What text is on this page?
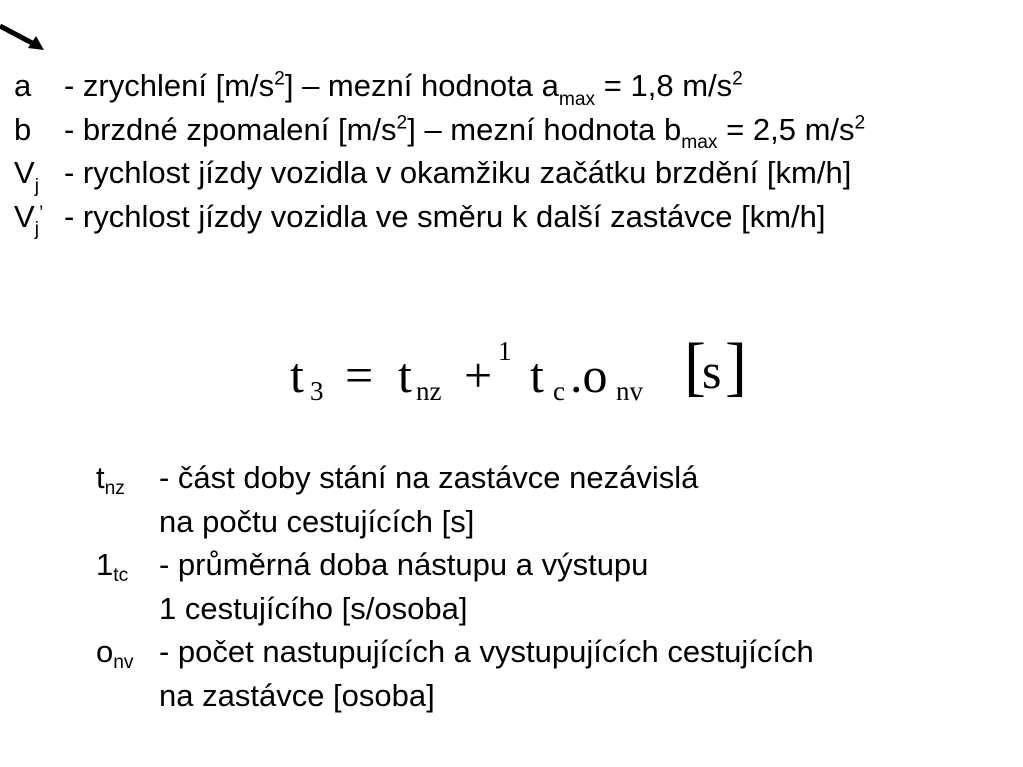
a - zrychlení $[m/s^2]$ – mezní hodnota $a_{max} = 1,8$ $m/s^2$
b - brzdné zpomalení $[m/s^2]$ – mezní hodnota $b_{max} = 2,5$ $m/s^2$
$V_j$ - rychlost jízdy vozidla v okamžiku začátku brzdění [km/h]
$V_j^’$ - rychlost jízdy vozidla ve směru k další zastávce [km/h]
t 3 = t nz + 1 t c .o nv [
s ]
tnz - část doby stání na zastávce nezávislá
na počtu cestujících [s]
1tc - průměrná doba nástupu a výstupu
1 cestujícího [s/osoba]
onv - počet nastupujících a vystupujících cestujících
na zastávce [osoba]
